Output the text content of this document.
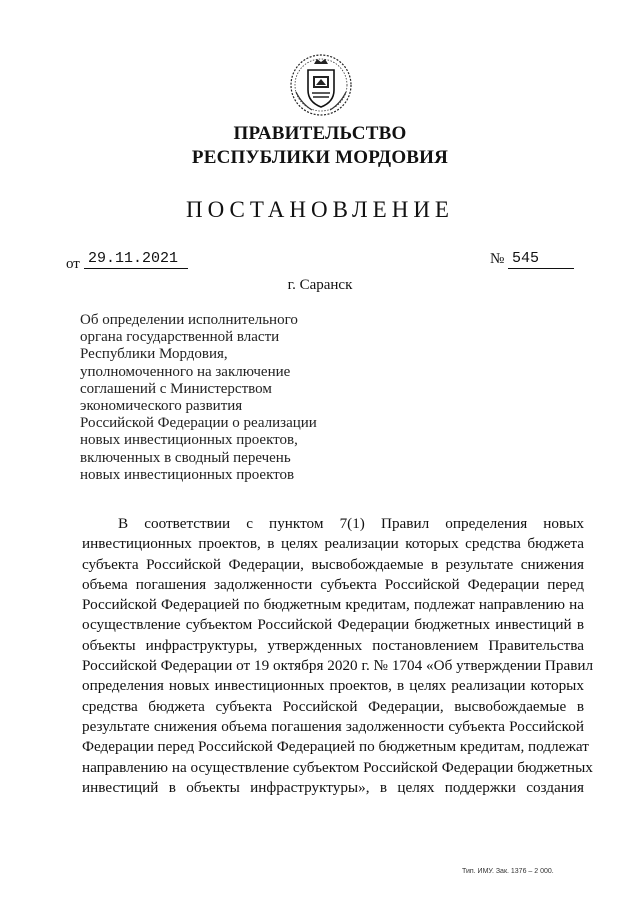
ПРАВИТЕЛЬСТВО
РЕСПУБЛИКИ МОРДОВИЯ
ПОСТАНОВЛЕНИЕ
от 29.11.2021	№ 545
г. Саранск
Об определении исполнительного
органа государственной власти
Республики Мордовия,
уполномоченного на заключение
соглашений с Министерством
экономического развития
Российской Федерации о реализации
новых инвестиционных проектов,
включенных в сводный перечень
новых инвестиционных проектов
В соответствии с пунктом 7(1) Правил определения новых
инвестиционных проектов, в целях реализации которых средства бюджета
субъекта Российской Федерации, высвобождаемые в результате снижения
объема погашения задолженности субъекта Российской Федерации перед
Российской Федерацией по бюджетным кредитам, подлежат направлению на
осуществление субъектом Российской Федерации бюджетных инвестиций в
объекты инфраструктуры, утвержденных постановлением Правительства
Российской Федерации от 19 октября 2020 г. № 1704 «Об утверждении Правил
определения новых инвестиционных проектов, в целях реализации которых
средства бюджета субъекта Российской Федерации, высвобождаемые в
результате снижения объема погашения задолженности субъекта Российской
Федерации перед Российской Федерацией по бюджетным кредитам, подлежат
направлению на осуществление субъектом Российской Федерации бюджетных
инвестиций в объекты инфраструктуры», в целях поддержки создания
Тип. ИМУ. Зак. 1376 – 2 000.
